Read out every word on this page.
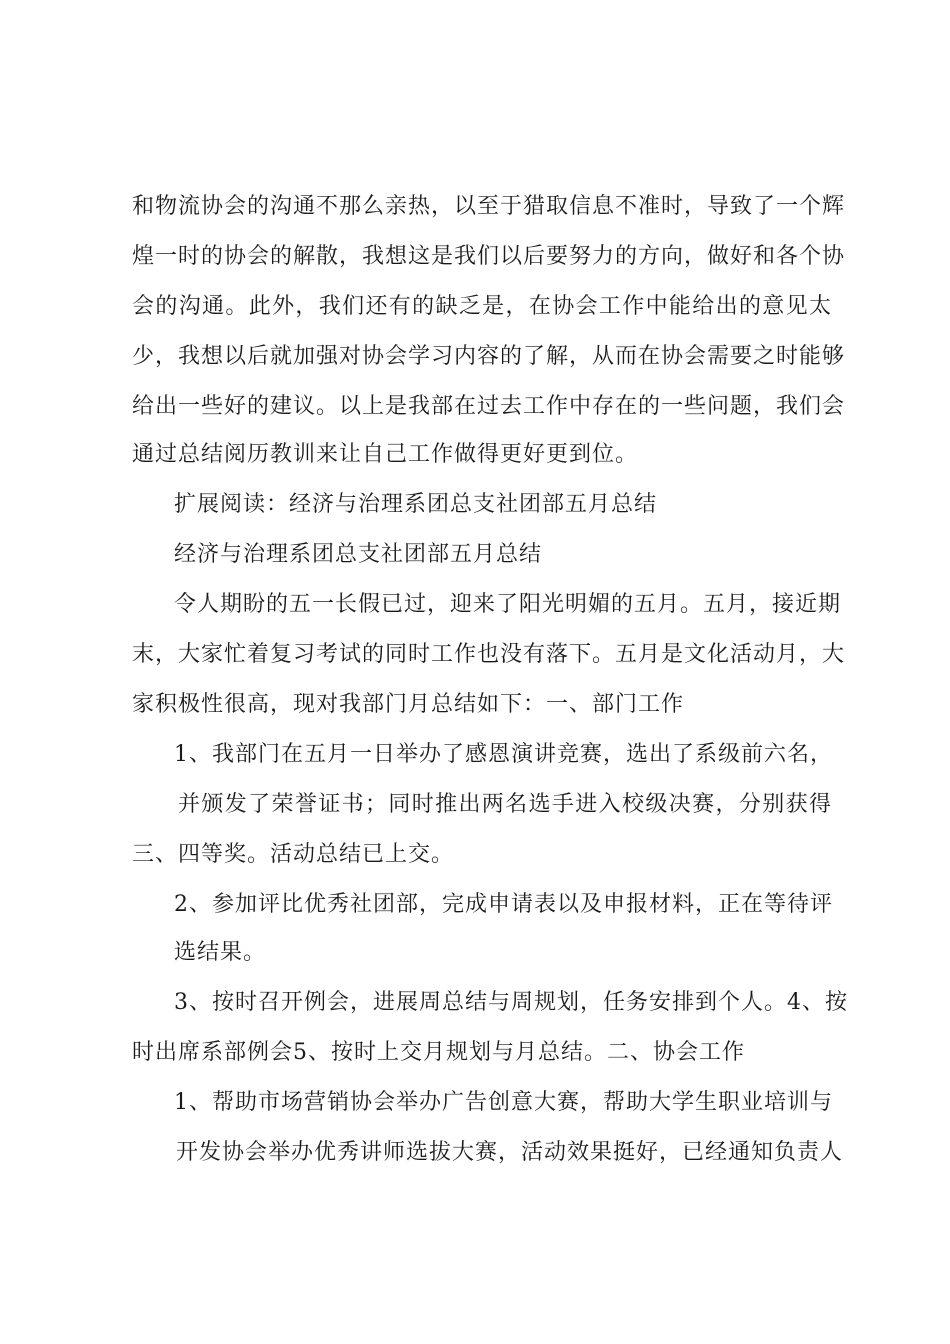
和物流协会的沟通不那么亲热，以至于猎取信息不准时，导致了一个辉
煌一时的协会的解散，我想这是我们以后要努力的方向，做好和各个协
会的沟通。此外，我们还有的缺乏是，在协会工作中能给出的意见太
少，我想以后就加强对协会学习内容的了解，从而在协会需要之时能够
给出一些好的建议。以上是我部在过去工作中存在的一些问题，我们会
通过总结阅历教训来让自己工作做得更好更到位。
扩展阅读：经济与治理系团总支社团部五月总结
经济与治理系团总支社团部五月总结
令人期盼的五一长假已过，迎来了阳光明媚的五月。五月，接近期
末，大家忙着复习考试的同时工作也没有落下。五月是文化活动月，大
家积极性很高，现对我部门月总结如下：一、部门工作
1、我部门在五月一日举办了感恩演讲竞赛，选出了系级前六名，
并颁发了荣誉证书；同时推出两名选手进入校级决赛，分别获得
三、四等奖。活动总结已上交。
2、参加评比优秀社团部，完成申请表以及申报材料，正在等待评
选结果。
3、按时召开例会，进展周总结与周规划，任务安排到个人。4、按
时出席系部例会5、按时上交月规划与月总结。二、协会工作
1、帮助市场营销协会举办广告创意大赛，帮助大学生职业培训与
开发协会举办优秀讲师选拔大赛，活动效果挺好，已经通知负责人
